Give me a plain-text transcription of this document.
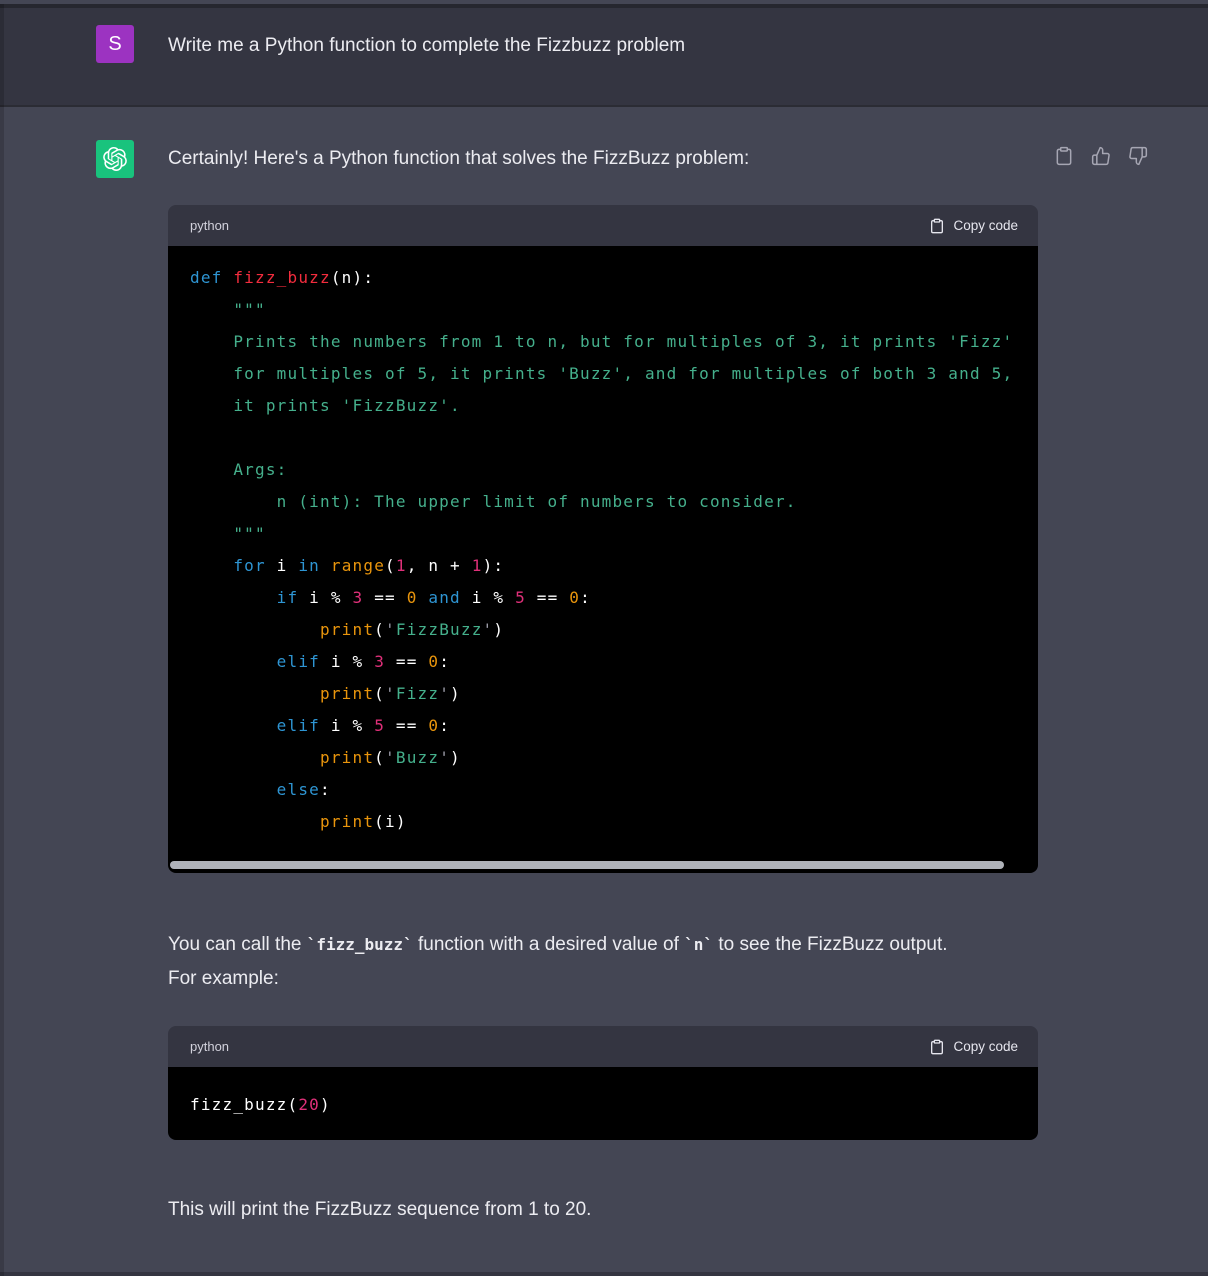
S Write me a Python function to complete the Fizzbuzz problem
Certainly! Here's a Python function that solves the FizzBuzz problem:
python	Copy code
def fizz_buzz(n):
"""
Prints the numbers from 1 to n, but for multiples of 3, it prints 'Fizz'
for multiples of 5, it prints 'Buzz', and for multiples of both 3 and 5,
it prints 'FizzBuzz'.

Args:
n (int): The upper limit of numbers to consider.
"""
for i in range(1, n + 1):
if i % 3 == 0 and i % 5 == 0:
print('FizzBuzz')
elif i % 3 == 0:
print('Fizz')
elif i % 5 == 0:
print('Buzz')
else:
print(i)
You can call the `fizz_buzz` function with a desired value of `n` to see the FizzBuzz output.
For example:
python	Copy code
fizz_buzz(20)
This will print the FizzBuzz sequence from 1 to 20.
